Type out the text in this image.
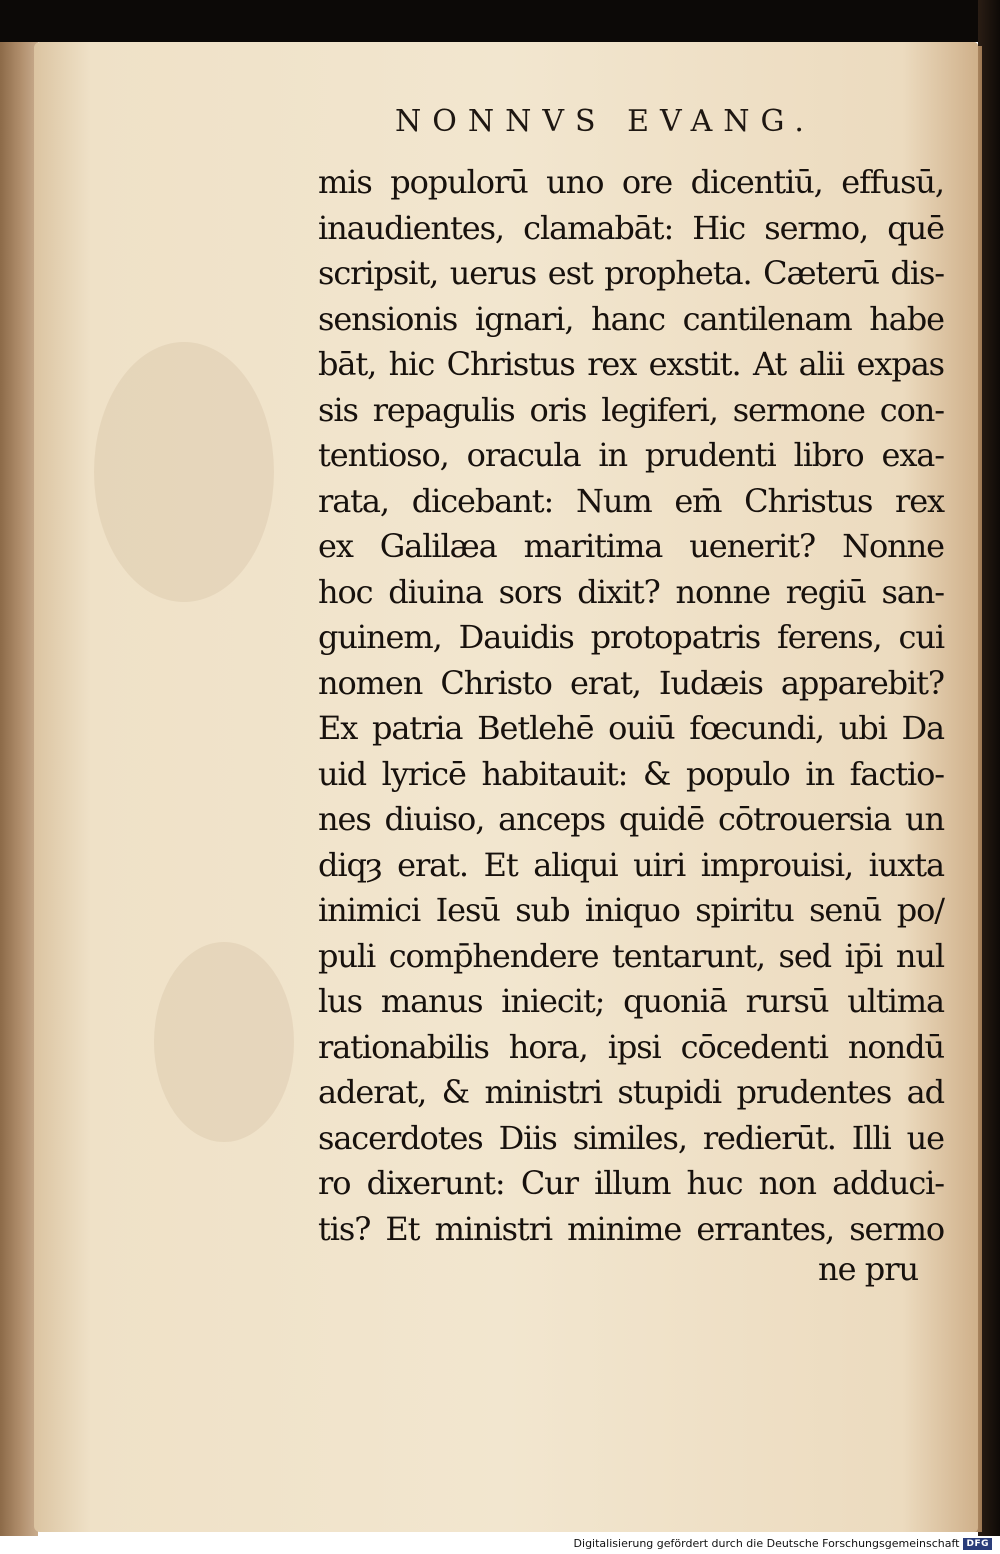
NONNVS EVANG.
mis populorū uno ore dicentiū, effusū,
inaudientes, clamabāt: Hic sermo, quē
scripsit, uerus est propheta. Cæterū dis-
sensionis ignari, hanc cantilenam habe
bāt, hic Christus rex exstit. At alii expas
sis repagulis oris legiferi, sermone con-
tentioso, oracula in prudenti libro exa-
rata, dicebant: Num em̄ Christus rex
ex Galilæa maritima uenerit? Nonne
hoc diuina sors dixit? nonne regiū san-
guinem, Dauidis protopatris ferens, cui
nomen Christo erat, Iudæis apparebit?
Ex patria Betlehē ouiū fœcundi, ubi Da
uid lyricē habitauit: & populo in factio-
nes diuiso, anceps quidē cōtrouersia un
diqȝ erat. Et aliqui uiri improuisi, iuxta
inimici Iesū sub iniquo spiritu senū po/
puli comp̄hendere tentarunt, sed ip̄i nul
lus manus iniecit; quoniā rursū ultima
rationabilis hora, ipsi cōcedenti nondū
aderat, & ministri stupidi prudentes ad
sacerdotes Diis similes, redierūt. Illi ue
ro dixerunt: Cur illum huc non adduci-
tis? Et ministri minime errantes, sermo
ne pru
Digitalisierung gefördert durch die Deutsche Forschungsgemeinschaft DFG
